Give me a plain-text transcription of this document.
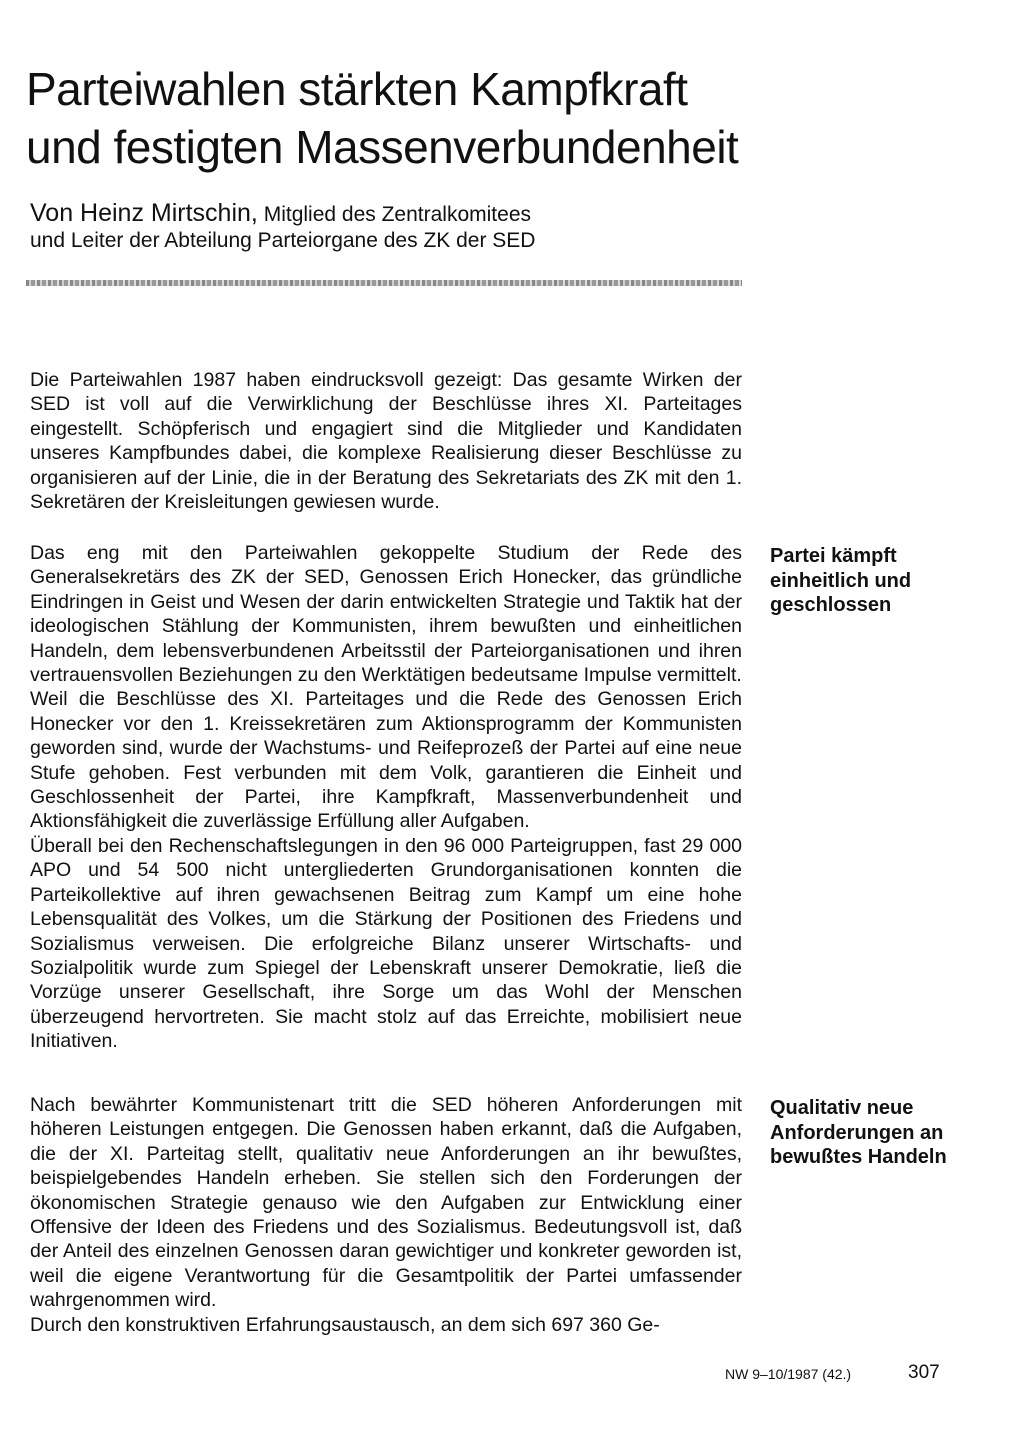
Parteiwahlen stärkten Kampfkraft
und festigten Massenverbundenheit
Von Heinz Mirtschin, Mitglied des Zentralkomitees
und Leiter der Abteilung Parteiorgane des ZK der SED

Die Parteiwahlen 1987 haben eindrucksvoll gezeigt: Das gesamte Wirken der SED ist voll auf die Verwirklichung der Beschlüsse ihres XI. Parteitages eingestellt. Schöpferisch und engagiert sind die Mitglieder und Kandidaten unseres Kampfbundes dabei, die komplexe Realisierung dieser Beschlüsse zu organisieren auf der Linie, die in der Beratung des Sekretariats des ZK mit den 1. Sekretären der Kreisleitungen gewiesen wurde.

Das eng mit den Parteiwahlen gekoppelte Studium der Rede des Generalsekretärs des ZK der SED, Genossen Erich Honecker, das gründliche Eindringen in Geist und Wesen der darin entwickelten Strategie und Taktik hat der ideologischen Stählung der Kommunisten, ihrem bewußten und einheitlichen Handeln, dem lebensverbundenen Arbeitsstil der Parteiorganisationen und ihren vertrauensvollen Beziehungen zu den Werktätigen bedeutsame Impulse vermittelt.
Weil die Beschlüsse des XI. Parteitages und die Rede des Genossen Erich Honecker vor den 1. Kreissekretären zum Aktionsprogramm der Kommunisten geworden sind, wurde der Wachstums- und Reifeprozeß der Partei auf eine neue Stufe gehoben. Fest verbunden mit dem Volk, garantieren die Einheit und Geschlossenheit der Partei, ihre Kampfkraft, Massenverbundenheit und Aktionsfähigkeit die zuverlässige Erfüllung aller Aufgaben.
Überall bei den Rechenschaftslegungen in den 96 000 Parteigruppen, fast 29 000 APO und 54 500 nicht untergliederten Grundorganisationen konnten die Parteikollektive auf ihren gewachsenen Beitrag zum Kampf um eine hohe Lebensqualität des Volkes, um die Stärkung der Positionen des Friedens und Sozialismus verweisen. Die erfolgreiche Bilanz unserer Wirtschafts- und Sozialpolitik wurde zum Spiegel der Lebenskraft unserer Demokratie, ließ die Vorzüge unserer Gesellschaft, ihre Sorge um das Wohl der Menschen überzeugend hervortreten. Sie macht stolz auf das Erreichte, mobilisiert neue Initiativen.

Partei kämpft einheitlich und geschlossen

Nach bewährter Kommunistenart tritt die SED höheren Anforderungen mit höheren Leistungen entgegen. Die Genossen haben erkannt, daß die Aufgaben, die der XI. Parteitag stellt, qualitativ neue Anforderungen an ihr bewußtes, beispielgebendes Handeln erheben. Sie stellen sich den Forderungen der ökonomischen Strategie genauso wie den Aufgaben zur Entwicklung einer Offensive der Ideen des Friedens und des Sozialismus. Bedeutungsvoll ist, daß der Anteil des einzelnen Genossen daran gewichtiger und konkreter geworden ist, weil die eigene Verantwortung für die Gesamtpolitik der Partei umfassender wahrgenommen wird.
Durch den konstruktiven Erfahrungsaustausch, an dem sich 697 360 Ge-

Qualitativ neue Anforderungen an bewußtes Handeln
NW 9–10/1987 (42.)	307
